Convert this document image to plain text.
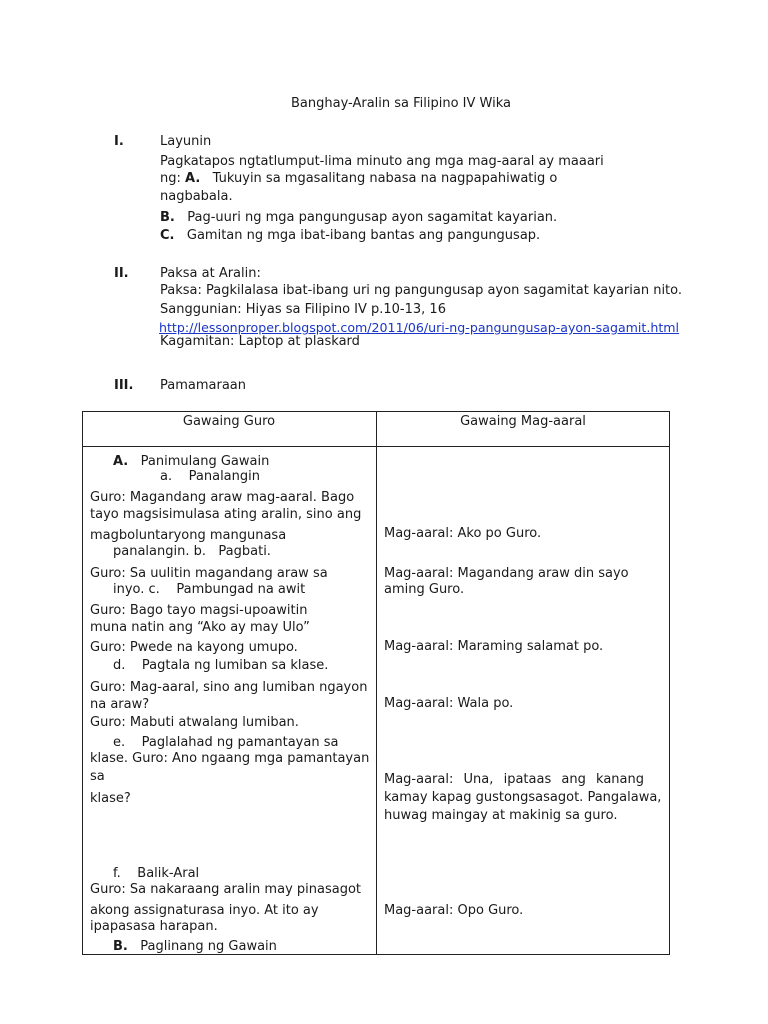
Banghay-Aralin sa Filipino IV Wika
I.	Layunin
Pagkatapos ngtatlumput-lima minuto ang mga mag-aaral ay maaari
ng: A. Tukuyin sa mgasalitang nabasa na nagpapahiwatig o
nagbabala.
B. Pag-uuri ng mga pangungusap ayon sagamitat kayarian.
C. Gamitan ng mga ibat-ibang bantas ang pangungusap.
II. Paksa at Aralin:
Paksa: Pagkilalasa ibat-ibang uri ng pangungusap ayon sagamitat kayarian nito.
Sanggunian: Hiyas sa Filipino IV p.10-13, 16
http://lessonproper.blogspot.com/2011/06/uri-ng-pangungusap-ayon-sagamit.html
Kagamitan: Laptop at plaskard
III. Pamamaraan
Gawaing Guro	Gawaing Mag-aaral
A. Panimulang Gawain
a. Panalangin
Guro: Magandang araw mag-aaral. Bago
tayo magsisimulasa ating aralin, sino ang
magboluntaryong mangunasa
panalangin. b. Pagbati.
Guro: Sa uulitin magandang araw sa
inyo. c. Pambungad na awit
Guro: Bago tayo magsi-upoawitin
muna natin ang “Ako ay may Ulo”
Guro: Pwede na kayong umupo.
d. Pagtala ng lumiban sa klase.
Guro: Mag-aaral, sino ang lumiban ngayon
na araw?
Guro: Mabuti atwalang lumiban.
e. Paglalahad ng pamantayan sa
klase. Guro: Ano ngaang mga pamantayan
sa
klase?
f. Balik-Aral
Guro: Sa nakaraang aralin may pinasagot
akong assignaturasa inyo. At ito ay
ipapasasa harapan.
B. Paglinang ng Gawain
Mag-aaral: Ako po Guro.
Mag-aaral: Magandang araw din sayo
aming Guro.
Mag-aaral: Maraming salamat po.
Mag-aaral: Wala po.
Mag-aaral: Una, ipataas ang kanang
kamay kapag gustongsasagot. Pangalawa,
huwag maingay at makinig sa guro.
Mag-aaral: Opo Guro.
